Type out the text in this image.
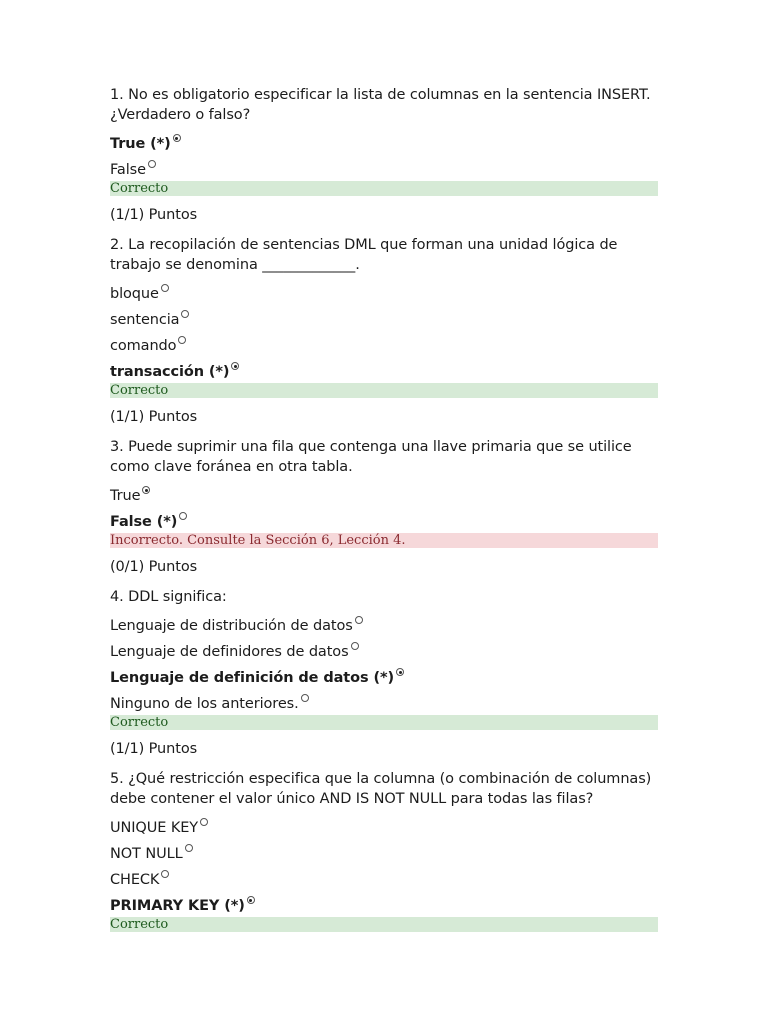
1. No es obligatorio especificar la lista de columnas en la sentencia INSERT. ¿Verdadero o falso?
True (*)
False
Correcto
(1/1) Puntos
2. La recopilación de sentencias DML que forman una unidad lógica de trabajo se denomina _____________.
bloque
sentencia
comando
transacción (*)
Correcto
(1/1) Puntos
3. Puede suprimir una fila que contenga una llave primaria que se utilice como clave foránea en otra tabla.
True
False (*)
Incorrecto. Consulte la Sección 6, Lección 4.
(0/1) Puntos
4. DDL significa:
Lenguaje de distribución de datos
Lenguaje de definidores de datos
Lenguaje de definición de datos (*)
Ninguno de los anteriores.
Correcto
(1/1) Puntos
5. ¿Qué restricción especifica que la columna (o combinación de columnas) debe contener el valor único AND IS NOT NULL para todas las filas?
UNIQUE KEY
NOT NULL
CHECK
PRIMARY KEY (*)
Correcto
